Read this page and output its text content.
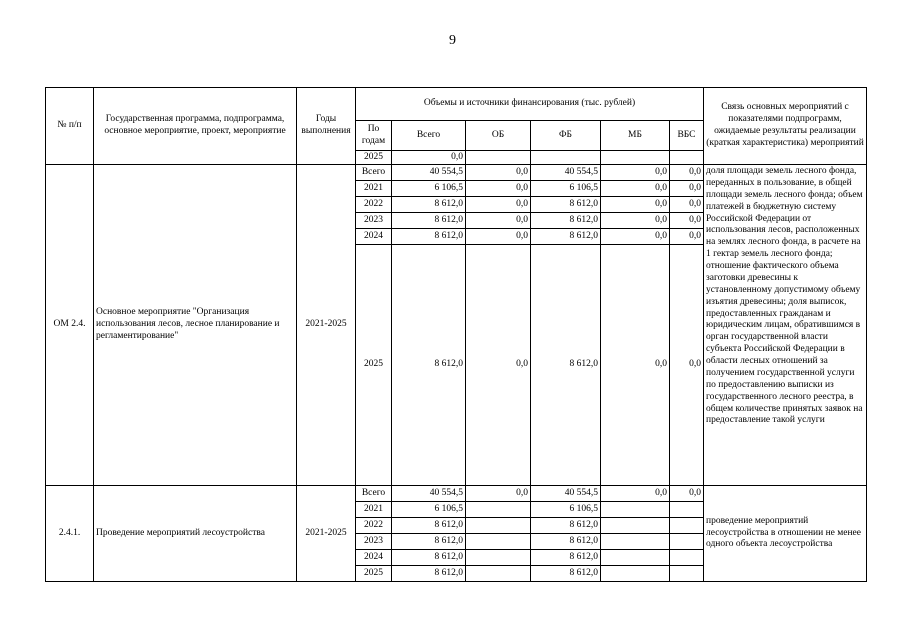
9
№ п/п	Государственная программа, подпрограмма, основное мероприятие, проект, мероприятие	Годы выполнения	Объемы и источники финансирования (тыс. рублей)						Связь основных мероприятий с показателями подпрограмм, ожидаемые результаты реализации (краткая характеристика) мероприятий
			По годам	Всего	ОБ	ФБ	МБ	ВБС	
			2025	0,0					
ОМ 2.4.	Основное мероприятие "Организация использования лесов, лесное планирование и регламентирование"	2021-2025	Всего	40 554,5	0,0	40 554,5	0,0	0,0	доля площади земель лесного фонда, переданных в пользование, в общей площади земель лесного фонда; объем платежей в бюджетную систему Российской Федерации от использования лесов, расположенных на землях лесного фонда, в расчете на 1 гектар земель лесного фонда; отношение фактического объема заготовки древесины к установленному допустимому объему изъятия древесины; доля выписок, предоставленных гражданам и юридическим лицам, обратившимся в орган государственной власти субъекта Российской Федерации в области лесных отношений за получением государственной услуги по предоставлению выписки из государственного лесного реестра, в общем количестве принятых заявок на предоставление такой услуги
			2021	6 106,5	0,0	6 106,5	0,0	0,0	
			2022	8 612,0	0,0	8 612,0	0,0	0,0	
			2023	8 612,0	0,0	8 612,0	0,0	0,0	
			2024	8 612,0	0,0	8 612,0	0,0	0,0	
			2025	8 612,0	0,0	8 612,0	0,0	0,0	
2.4.1.	Проведение мероприятий лесоустройства	2021-2025	Всего	40 554,5	0,0	40 554,5	0,0	0,0	проведение мероприятий лесоустройства в отношении не менее одного объекта лесоустройства
			2021	6 106,5		6 106,5			
			2022	8 612,0		8 612,0			
			2023	8 612,0		8 612,0			
			2024	8 612,0		8 612,0			
			2025	8 612,0		8 612,0			
